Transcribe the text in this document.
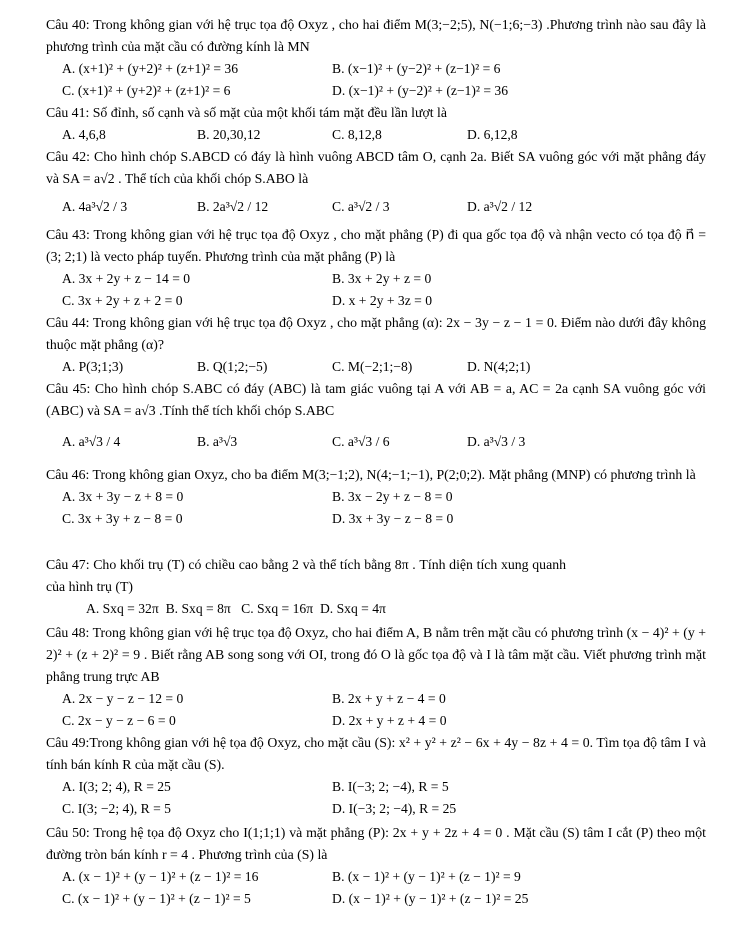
Câu 40: Trong không gian với hệ trục tọa độ Oxyz , cho hai điểm M(3;−2;5), N(−1;6;−3) .Phương trình nào sau đây là phương trình của mặt cầu có đường kính là MN

A. (x+1)² + (y+2)² + (z+1)² = 36	B. (x−1)² + (y−2)² + (z−1)² = 6
C. (x+1)² + (y+2)² + (z+1)² = 6	D. (x−1)² + (y−2)² + (z−1)² = 36

Câu 41: Số đỉnh, số cạnh và số mặt của một khối tám mặt đều lần lượt là

A. 4,6,8	B. 20,30,12	C. 8,12,8	D. 6,12,8

Câu 42: Cho hình chóp S.ABCD có đáy là hình vuông ABCD tâm O, cạnh 2a. Biết SA vuông góc với mặt phẳng đáy và SA = a√2 . Thể tích của khối chóp S.ABO là

A. 4a³√2 / 3	B. 2a³√2 / 12	C. a³√2 / 3	D. a³√2 / 12

Câu 43: Trong không gian với hệ trục tọa độ Oxyz , cho mặt phẳng (P) đi qua gốc tọa độ và nhận vecto có tọa độ n⃗ = (3; 2;1) là vecto pháp tuyến. Phương trình của mặt phẳng (P) là

A. 3x + 2y + z − 14 = 0	B. 3x + 2y + z = 0
C. 3x + 2y + z + 2 = 0	D. x + 2y + 3z = 0

Câu 44: Trong không gian với hệ trục tọa độ Oxyz , cho mặt phẳng (α): 2x − 3y − z − 1 = 0. Điểm nào dưới đây không thuộc mặt phẳng (α)?

A. P(3;1;3)	B. Q(1;2;−5)	C. M(−2;1;−8)	D. N(4;2;1)

Câu 45: Cho hình chóp S.ABC có đáy (ABC) là tam giác vuông tại A với AB = a, AC = 2a cạnh SA vuông góc với (ABC) và SA = a√3 .Tính thể tích khối chóp S.ABC

A. a³√3 / 4	B. a³√3	C. a³√3 / 6	D. a³√3 / 3

Câu 46: Trong không gian Oxyz, cho ba điểm M(3;−1;2), N(4;−1;−1), P(2;0;2). Mặt phẳng (MNP) có phương trình là

A. 3x + 3y − z + 8 = 0	B. 3x − 2y + z − 8 = 0
C. 3x + 3y + z − 8 = 0	D. 3x + 3y − z − 8 = 0

Câu 47: Cho khối trụ (T) có chiều cao bằng 2 và thể tích bằng 8π . Tính diện tích xung quanh của hình trụ (T)

A. Sxq = 32π B. Sxq = 8π C. Sxq = 16π D. Sxq = 4π

Câu 48: Trong không gian với hệ trục tọa độ Oxyz, cho hai điểm A, B nằm trên mặt cầu có phương trình (x − 4)² + (y + 2)² + (z + 2)² = 9 . Biết rằng AB song song với OI, trong đó O là gốc tọa độ và I là tâm mặt cầu. Viết phương trình mặt phẳng trung trực AB

A. 2x − y − z − 12 = 0	B. 2x + y + z − 4 = 0
C. 2x − y − z − 6 = 0	D. 2x + y + z + 4 = 0

Câu 49:Trong không gian với hệ tọa độ Oxyz, cho mặt cầu (S): x² + y² + z² − 6x + 4y − 8z + 4 = 0. Tìm tọa độ tâm I và tính bán kính R của mặt cầu (S).

A. I(3; 2; 4), R = 25	B. I(−3; 2; −4), R = 5
C. I(3; −2; 4), R = 5	D. I(−3; 2; −4), R = 25

Câu 50: Trong hệ tọa độ Oxyz cho I(1;1;1) và mặt phẳng (P): 2x + y + 2z + 4 = 0 . Mặt cầu (S) tâm I cắt (P) theo một đường tròn bán kính r = 4 . Phương trình của (S) là

A. (x − 1)² + (y − 1)² + (z − 1)² = 16	B. (x − 1)² + (y − 1)² + (z − 1)² = 9
C. (x − 1)² + (y − 1)² + (z − 1)² = 5	D. (x − 1)² + (y − 1)² + (z − 1)² = 25
